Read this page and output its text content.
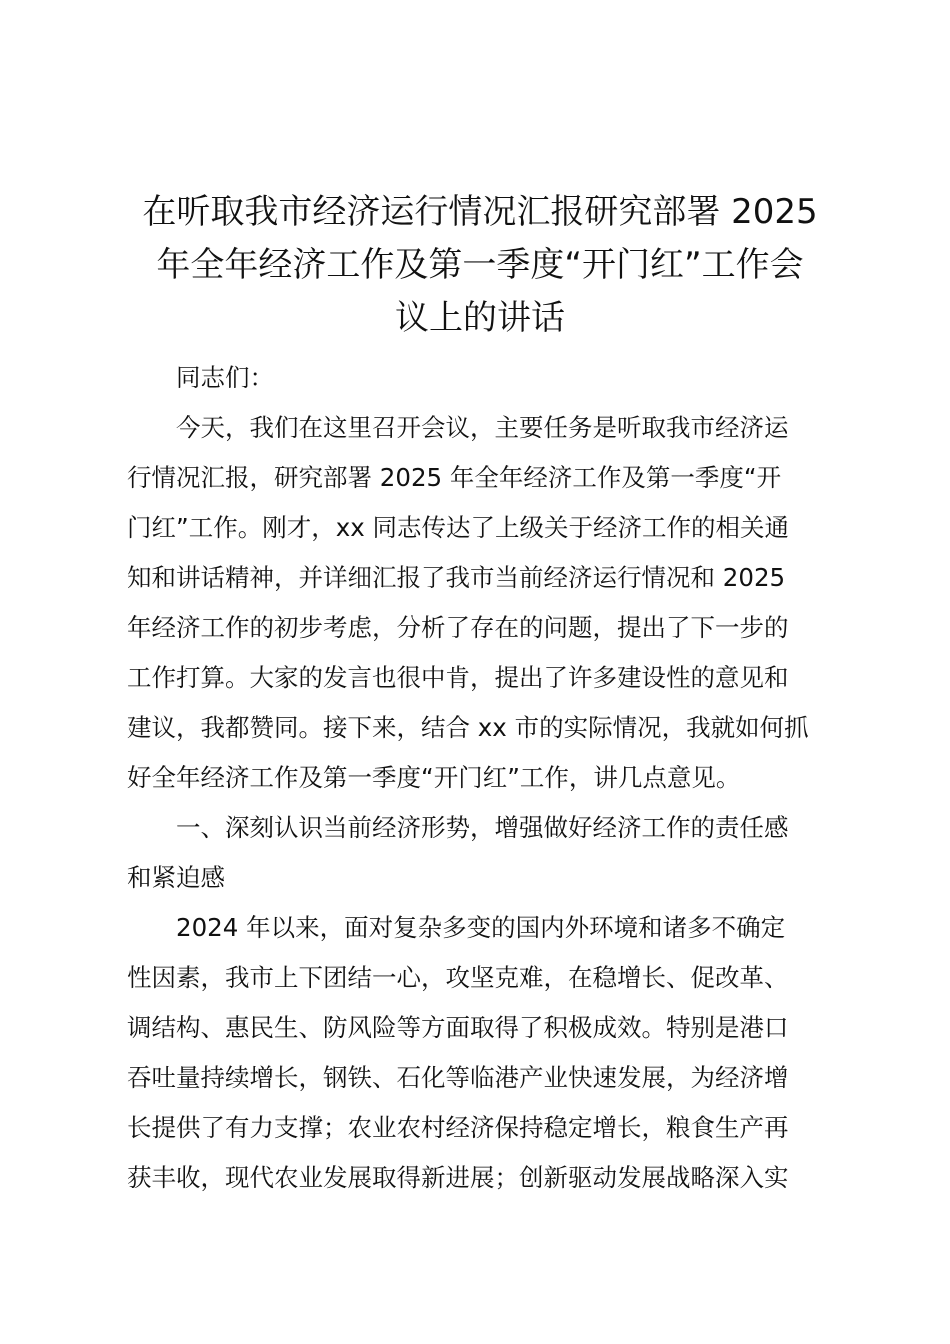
在听取我市经济运行情况汇报研究部署 2025

年全年经济工作及第一季度“开门红”工作会

议上的讲话

同志们：
今天，我们在这里召开会议，主要任务是听取我市经济运
行情况汇报，研究部署 2025 年全年经济工作及第一季度“开
门红”工作。刚才，xx 同志传达了上级关于经济工作的相关通
知和讲话精神，并详细汇报了我市当前经济运行情况和 2025
年经济工作的初步考虑，分析了存在的问题，提出了下一步的
工作打算。大家的发言也很中肯，提出了许多建设性的意见和
建议，我都赞同。接下来，结合 xx 市的实际情况，我就如何抓
好全年经济工作及第一季度“开门红”工作，讲几点意见。
一、深刻认识当前经济形势，增强做好经济工作的责任感
和紧迫感
2024 年以来，面对复杂多变的国内外环境和诸多不确定
性因素，我市上下团结一心，攻坚克难，在稳增长、促改革、
调结构、惠民生、防风险等方面取得了积极成效。特别是港口
吞吐量持续增长，钢铁、石化等临港产业快速发展，为经济增
长提供了有力支撑；农业农村经济保持稳定增长，粮食生产再
获丰收，现代农业发展取得新进展；创新驱动发展战略深入实
